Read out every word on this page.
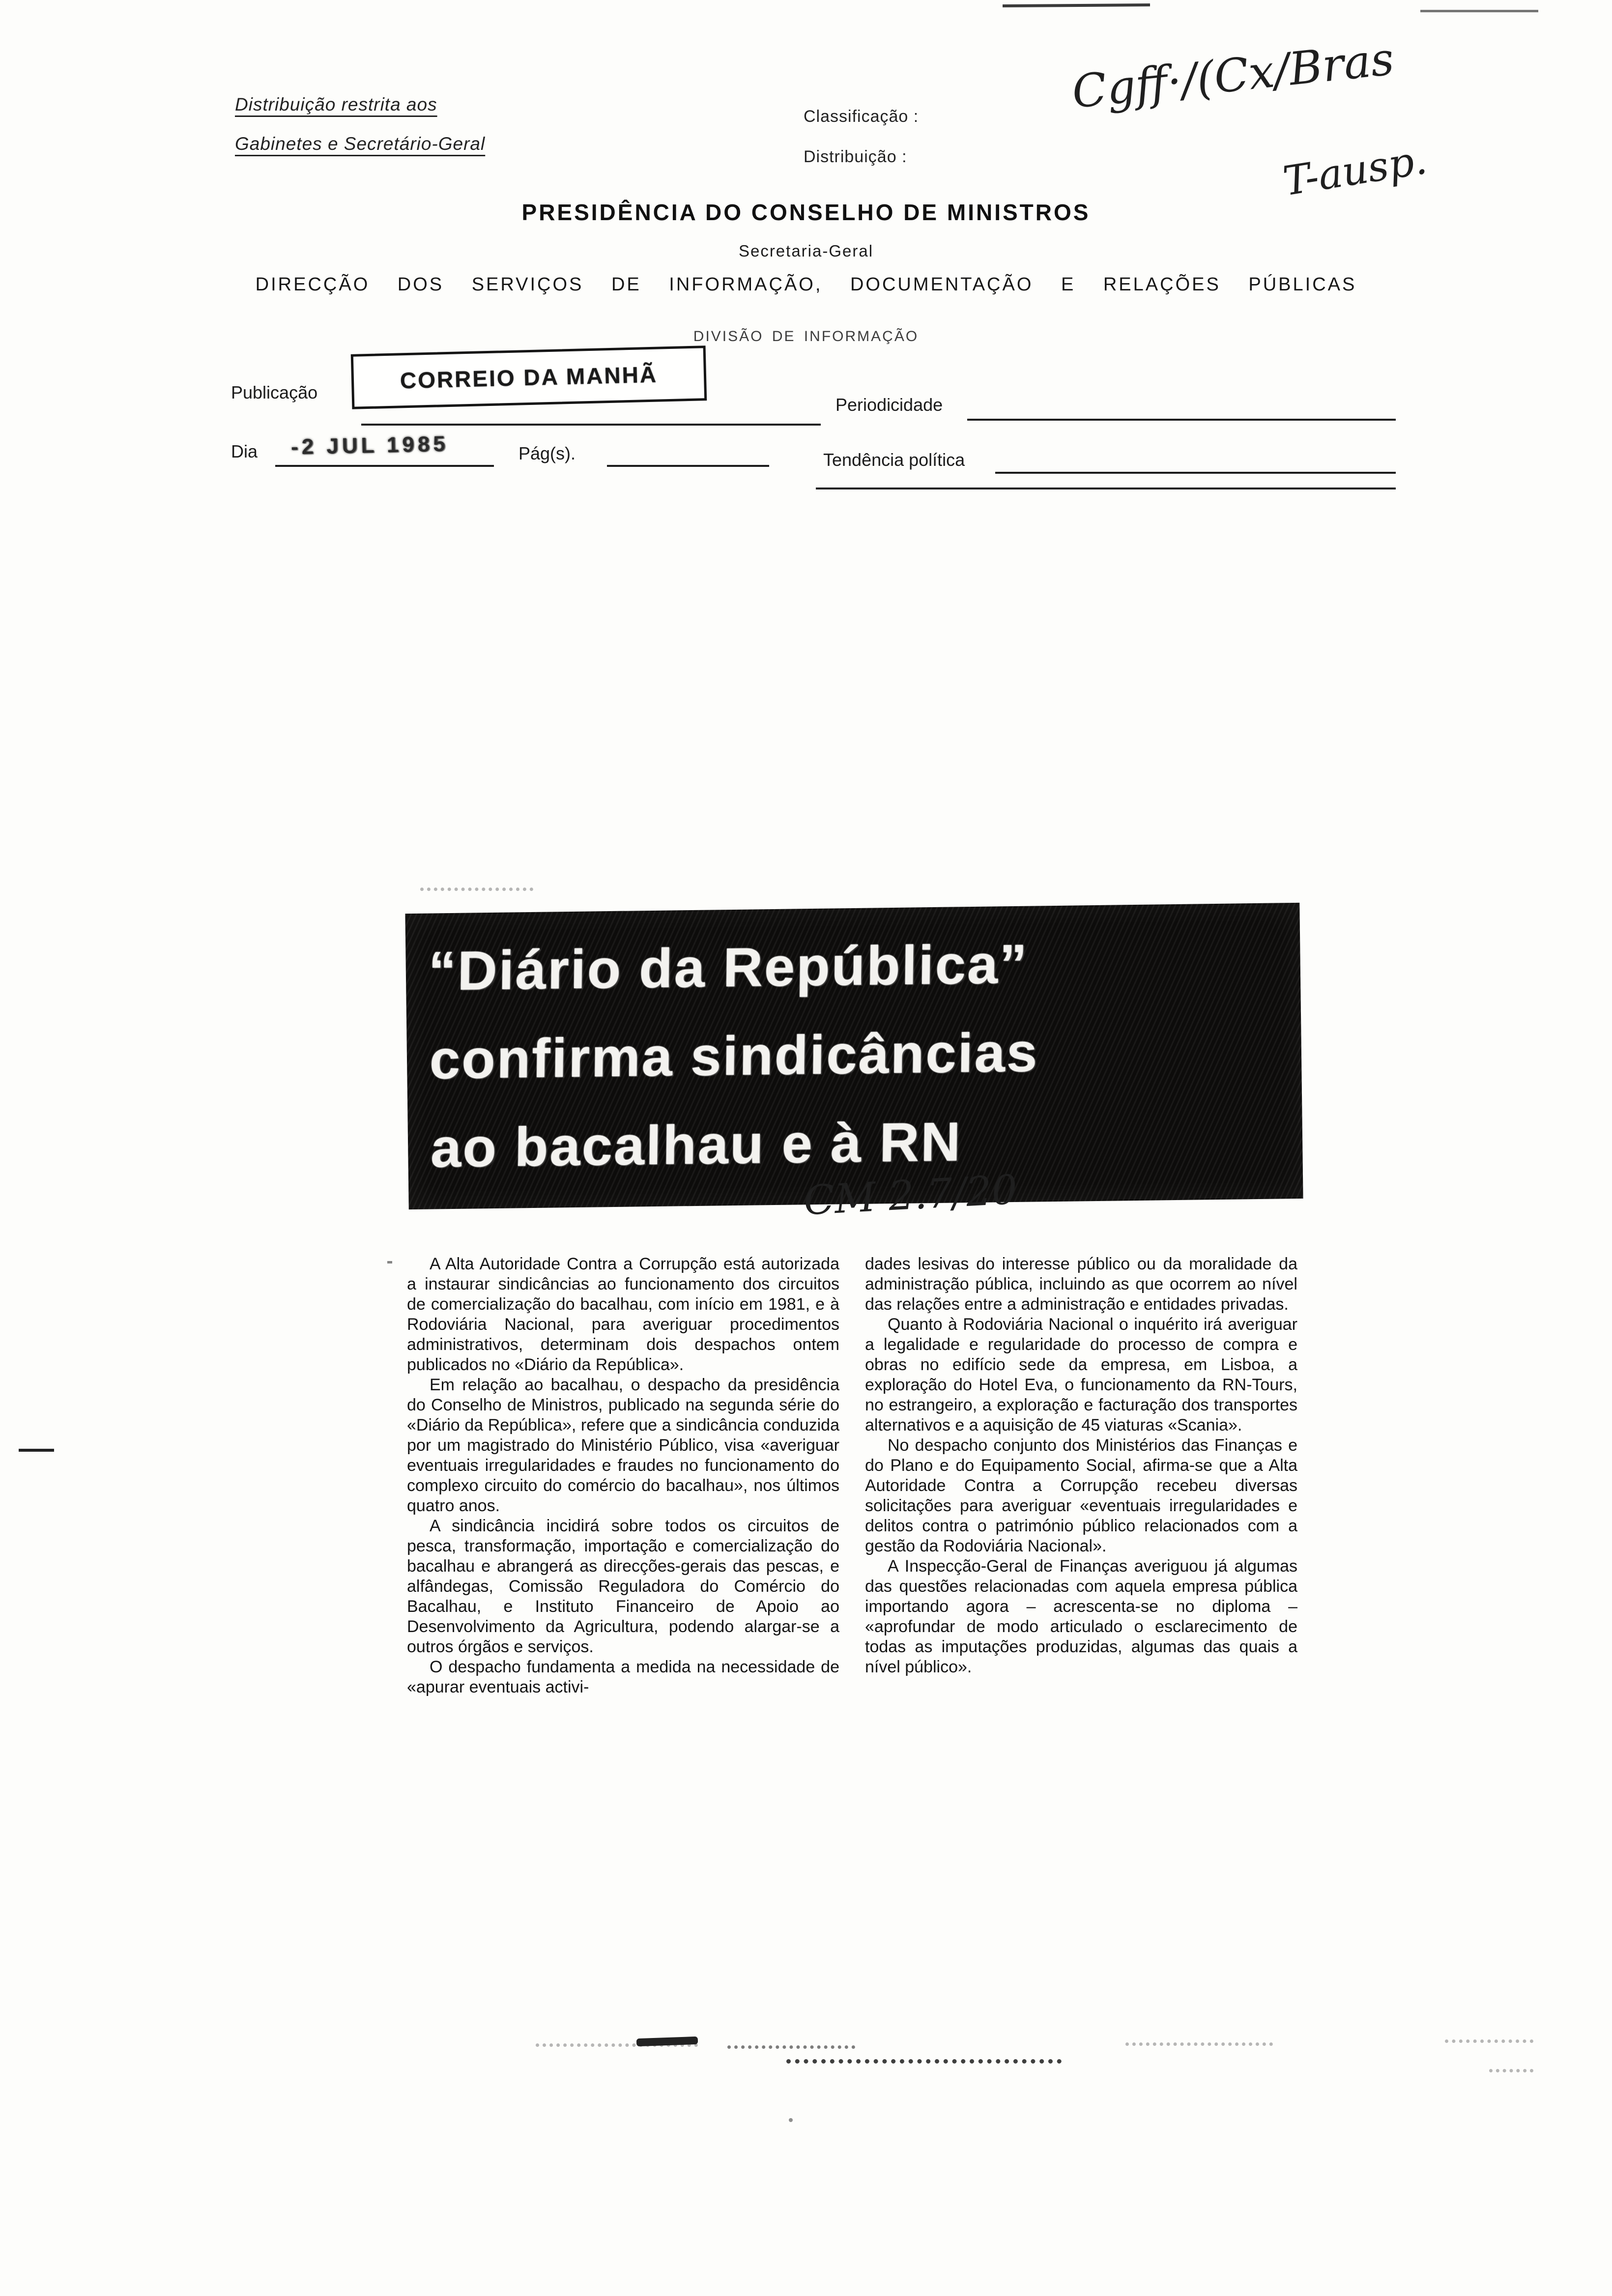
Distribuição restrita aos
Gabinetes e Secretário-Geral
Classificação :
Distribuição :
Cgff·/(Cx/Bras
T-ausp.
PRESIDÊNCIA DO CONSELHO DE MINISTROS
Secretaria-Geral
DIRECÇÃO DOS SERVIÇOS DE INFORMAÇÃO, DOCUMENTAÇÃO E RELAÇÕES PÚBLICAS
DIVISÃO DE INFORMAÇÃO
Publicação	CORREIO DA MANHÃ
Periodicidade
Dia -2 JUL 1985	Pág(s).	Tendência política
“Diário da República”
confirma sindicâncias
ao bacalhau e à RN
CM 2.7/20

A Alta Autoridade Contra a Corrupção está autorizada a instaurar sindicâncias ao funcionamento dos circuitos de comercialização do bacalhau, com início em 1981, e à Rodoviária Nacional, para averiguar procedimentos administrativos, determinam dois despachos ontem publicados no «Diário da República».

Em relação ao bacalhau, o despacho da presidência do Conselho de Ministros, publicado na segunda série do «Diário da República», refere que a sindicância conduzida por um magistrado do Ministério Público, visa «averiguar eventuais irregularidades e fraudes no funcionamento do complexo circuito do comércio do bacalhau», nos últimos quatro anos.

A sindicância incidirá sobre todos os circuitos de pesca, transformação, importação e comercialização do bacalhau e abrangerá as direcções-gerais das pescas, e alfândegas, Comissão Reguladora do Comércio do Bacalhau, e Instituto Financeiro de Apoio ao Desenvolvimento da Agricultura, podendo alargar-se a outros órgãos e serviços.

O despacho fundamenta a medida na necessidade de «apurar eventuais activi-

dades lesivas do interesse público ou da moralidade da administração pública, incluindo as que ocorrem ao nível das relações entre a administração e entidades privadas.

Quanto à Rodoviária Nacional o inquérito irá averiguar a legalidade e regularidade do processo de compra e obras no edifício sede da empresa, em Lisboa, a exploração do Hotel Eva, o funcionamento da RN-Tours, no estrangeiro, a exploração e facturação dos transportes alternativos e a aquisição de 45 viaturas «Scania».

No despacho conjunto dos Ministérios das Finanças e do Plano e do Equipamento Social, afirma-se que a Alta Autoridade Contra a Corrupção recebeu diversas solicitações para averiguar «eventuais irregularidades e delitos contra o património público relacionados com a gestão da Rodoviária Nacional».

A Inspecção-Geral de Finanças averiguou já algumas das questões relacionadas com aquela empresa pública importando agora – acrescenta-se no diploma – «aprofundar de modo articulado o esclarecimento de todas as imputações produzidas, algumas das quais a nível público».
